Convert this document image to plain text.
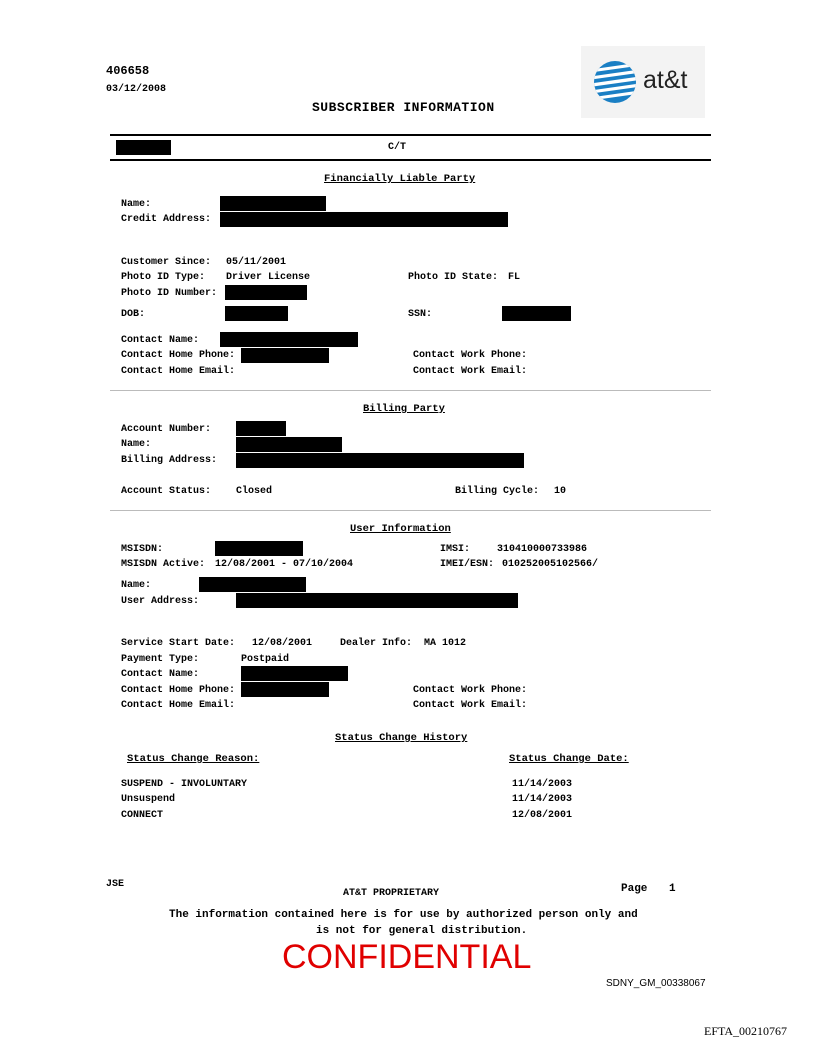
406658
03/12/2008
SUBSCRIBER INFORMATION
at&t
C/T
Financially Liable Party
Name:
Credit Address:
Customer Since: 05/11/2001
Photo ID Type: Driver License	Photo ID State: FL
Photo ID Number:
DOB:	SSN:
Contact Name:
Contact Home Phone:	Contact Work Phone:
Contact Home Email:	Contact Work Email:
Billing Party
Account Number:
Name:
Billing Address:
Account Status: Closed	Billing Cycle: 10
User Information
MSISDN:	IMSI:	310410000733986
MSISDN Active: 12/08/2001 - 07/10/2004	IMEI/ESN: 010252005102566/
Name:
User Address:
Service Start Date: 12/08/2001	Dealer Info: MA 1012
Payment Type:	Postpaid
Contact Name:
Contact Home Phone:	Contact Work Phone:
Contact Home Email:	Contact Work Email:
Status Change History
Status Change Reason:	Status Change Date:
SUSPEND - INVOLUNTARY	11/14/2003
Unsuspend	11/14/2003
CONNECT	12/08/2001
JSE
AT&T PROPRIETARY	Page 1
The information contained here is for use by authorized person only and
is not for general distribution.
CONFIDENTIAL
SDNY_GM_00338067
EFTA_00210767
